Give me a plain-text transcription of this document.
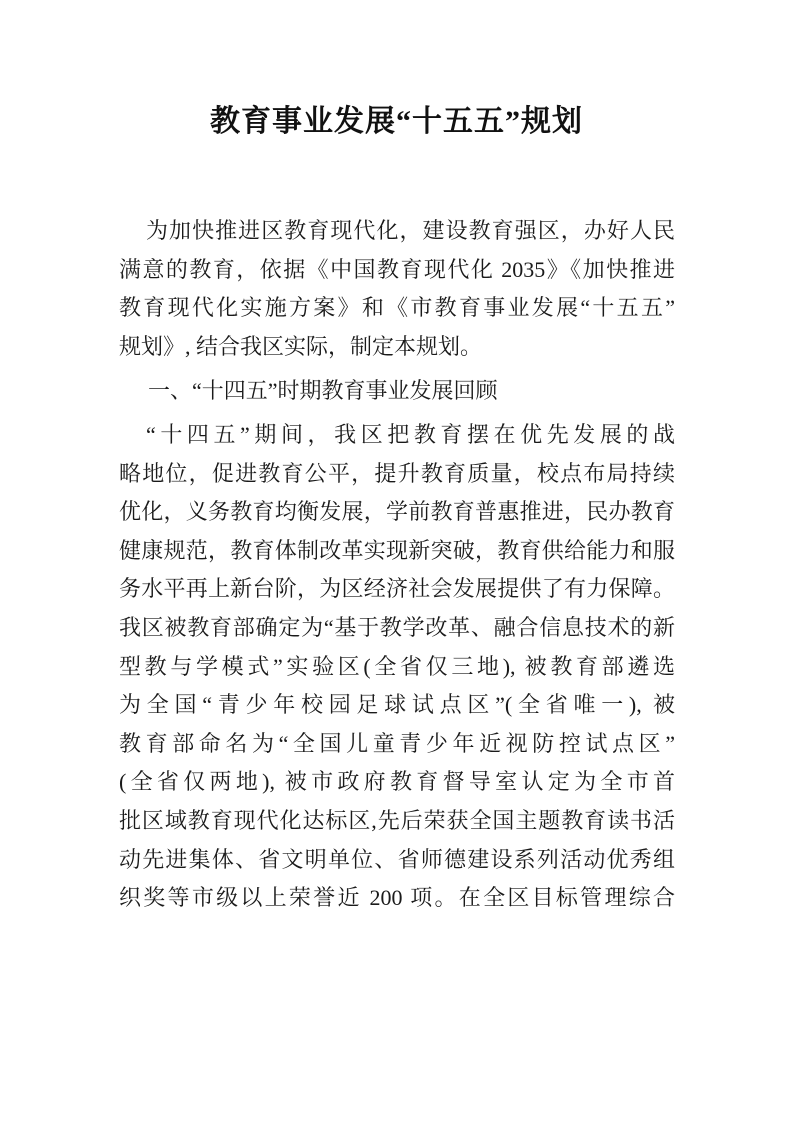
教育事业发展“十五五”规划
为加快推进区教育现代化，建设教育强区，办好人民
满意的教育，依据《中国教育现代化 2035》《加快推进
教育现代化实施方案》和《市教育事业发展“十五五”
规划》, 结合我区实际，制定本规划。
一、“十四五”时期教育事业发展回顾
“十四五”期间，我区把教育摆在优先发展的战
略地位，促进教育公平，提升教育质量，校点布局持续
优化，义务教育均衡发展，学前教育普惠推进，民办教育
健康规范，教育体制改革实现新突破，教育供给能力和服
务水平再上新台阶，为区经济社会发展提供了有力保障。
我区被教育部确定为“基于教学改革、融合信息技术的新
型教与学模式”实验区(全省仅三地), 被教育部遴选
为全国“青少年校园足球试点区”(全省唯一), 被
教育部命名为“全国儿童青少年近视防控试点区”
(全省仅两地), 被市政府教育督导室认定为全市首
批区域教育现代化达标区,先后荣获全国主题教育读书活
动先进集体、省文明单位、省师德建设系列活动优秀组
织奖等市级以上荣誉近 200 项。在全区目标管理综合
